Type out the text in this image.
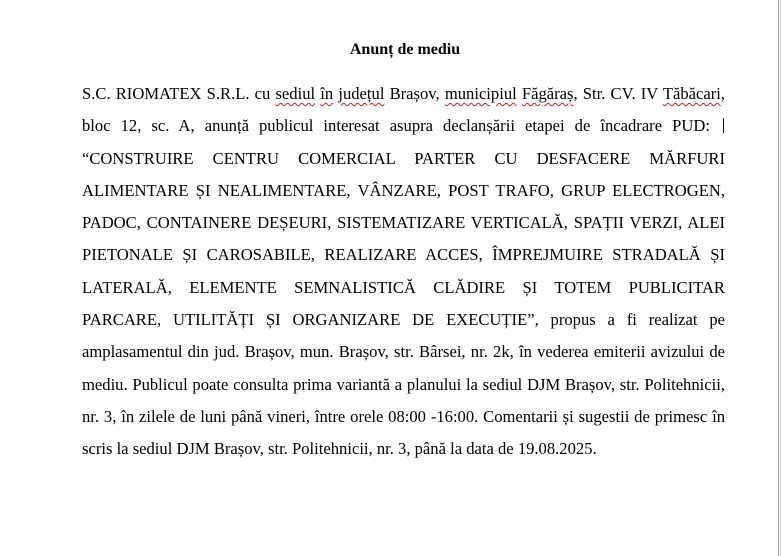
Anunț de mediu
S.C. RIOMATEX S.R.L. cu sediul în județul Brașov, municipiul Făgăraș, Str. CV. IV Tăbăcari, bloc 12, sc. A, anunță publicul interesat asupra declanșării etapei de încadrare PUD: “CONSTRUIRE CENTRU COMERCIAL PARTER CU DESFACERE MĂRFURI ALIMENTARE ȘI NEALIMENTARE, VÂNZARE, POST TRAFO, GRUP ELECTROGEN, PADOC, CONTAINERE DEȘEURI, SISTEMATIZARE VERTICALĂ, SPAȚII VERZI, ALEI PIETONALE ȘI CAROSABILE, REALIZARE ACCES, ÎMPREJMUIRE STRADALĂ ȘI LATERALĂ, ELEMENTE SEMNALISTICĂ CLĂDIRE ȘI TOTEM PUBLICITAR PARCARE, UTILITĂȚI ȘI ORGANIZARE DE EXECUȚIE”, propus a fi realizat pe amplasamentul din jud. Brașov, mun. Brașov, str. Bârsei, nr. 2k, în vederea emiterii avizului de mediu. Publicul poate consulta prima variantă a planului la sediul DJM Brașov, str. Politehnicii, nr. 3, în zilele de luni până vineri, între orele 08:00 -16:00. Comentarii și sugestii de primesc în scris la sediul DJM Brașov, str. Politehnicii, nr. 3, până la data de 19.08.2025.
